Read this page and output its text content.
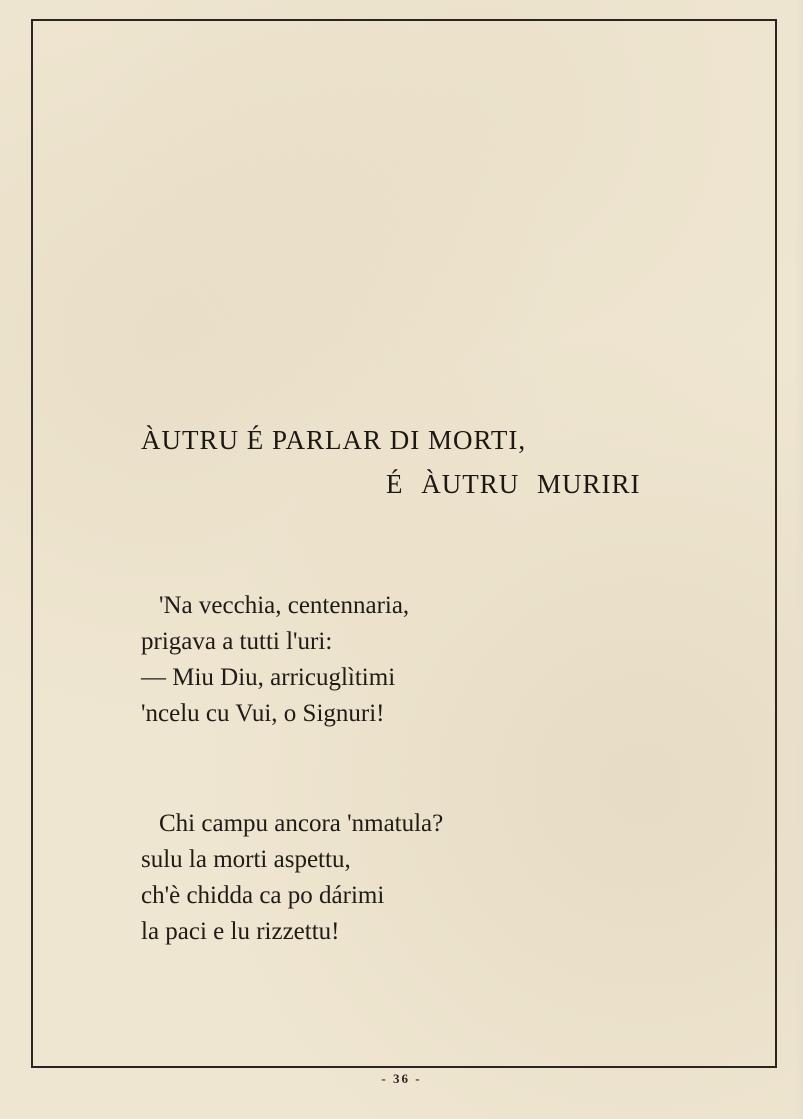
ÀUTRU É PARLAR DI MORTI,
É ÀUTRU MURIRI
'Na vecchia, centennaria,
prigava a tutti l'uri:
— Miu Diu, arricuglìtimi
'ncelu cu Vui, o Signuri!
Chi campu ancora 'nmatula?
sulu la morti aspettu,
ch'è chidda ca po dárimi
la paci e lu rizzettu!
- 36 -
